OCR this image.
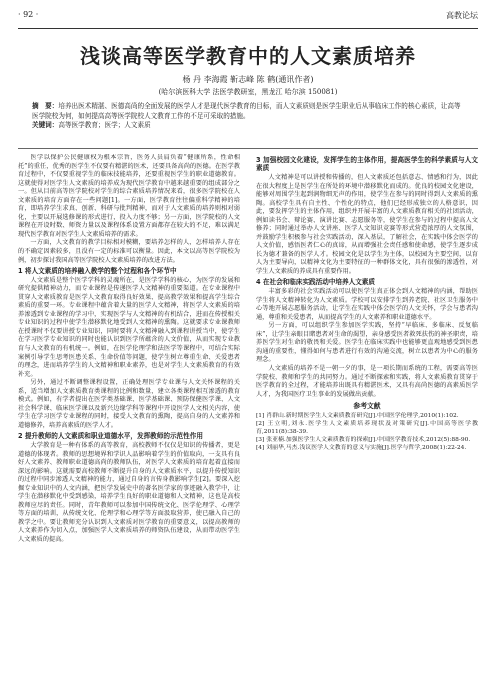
· 92 ·	高教论坛
浅谈高等医学教育中的人文素质培养
杨 丹 李海霞 靳志峰 陈 鹤(通讯作者)
(哈尔滨医科大学 法医学教研室，黑龙江 哈尔滨 150081)
摘　要：培养出医术精湛、医德高尚的全面发展的医学人才是现代医学教育的目标，而人文素质则是医学生职业后从事临床工作的核心素质，让高等医学院校为何，如何提高高等医学院校人文教育工作的不足可采取的措施。
关键词：高等医学教育；医学；人文素质

医学以保护公民健康权为根本宗旨，医务人员肩负着“健康所系，性命相托”的重任，优秀的医学生不仅要有精湛的医术，还要具备高尚的医德。在医学教育过程中，不仅要重视学生的临床技能培养，还要重视医学生的职业道德教育。这就使得对医学生人文素质的培养成为现代医学教育中越来越重要的组成部分之一。但从目前高等医学院校对学生的综合素质培养情况来看，很多医学院校在人文素质的培育方面存在一些问题[1]。一方面，医学教育往往偏重科学精神的培育，即培养学生求真、创新、科研与批判精神，而对于人文素质的培养则相对弱化，主要以开展选修课的形式进行，投入力度不够；另一方面，医学院校的人文课程在开设时数、师资力量以及课程体系设置方面都存在较大的不足，难以满足现代医学教育对医学生人文素质培养的需求。

一方面，人文教育的教学目标相对模糊，要培养怎样的人，怎样培养人存在的不确定因素较多，且没有一定的标准可以衡量。因此，本文以高等医学院校为例，初步探讨我国高等医学院校人文素质培养的改进方法。

1 将人文素质的培养融入教学的整个过程和各个环节中

人文素质是整个医学学科的灵魂所在，是医学学科的核心，为医学的发展和研究提供精神动力，而专业课程是传递医学人文精神的重要渠道。在专业课程中贯穿人文素质教育是医学人文教育取得良好效果、提高教学效果和提高学生综合素质的重要一环。专业课程中蕴含着大量的医学人文精神，将医学人文素质的培养渗透到专业课程的学习中，实现医学与人文精神的有机结合，进而在传授相关专业知识的过程中使学生潜移默化地受到人文精神的熏陶。这就要求专业课教师在授课时不仅要讲授专业知识，同时要将人文精神融入到课程讲授当中，使学生在学习医学专业知识的同时也能认识到医学所蕴含的人文价值，从而实现专业教育与人文教育的有机统一。例如，在医学伦理学和法医学等课程中，可结合实际案例引导学生思考医患关系、生命价值等问题，使学生树立尊重生命、关爱患者的理念，进而培养学生的人文精神和职业素养，也是对学生人文素质教育的有效补充。

另外，通过不断调整课程设置，正确处理医学专业课与人文关怀课程的关系，适当增加人文素质教育类课程的比例和数量，建立各类课程相互渗透的教育模式。例如，有学者提出在医学类基础课、医学基础课、预防保健医学课、人文社会科学课、临床医学课以及新兴边缘学科等课程中开设医学人文相关内容，使学生在学习医学专业课程的同时，接受人文教育的熏陶，提高自身的人文素养和道德修养，培养高素质的医学人才。

2 提升教师的人文素质和职业道德水平，发挥教师的示范性作用

大学教育是一种有体系的高等教育，高校教师不仅仅是知识的传播者，更是道德的体现者。教师的思想境界和学识人品影响着学生的价值取向，一支具有良好人文素养、教师职业道德高尚的教师队伍，对医学人文素质的培育起着直接而深远的影响。这就需要高校教师不断提升自身的人文素质水平，以提升传授知识的过程中同步渗透人文精神的能力，通过自身的言传身教影响学生[2]。要深入挖掘专业知识中的人文内涵，把医学发展史中的著名医学家的事迹融入教学中，让学生在潜移默化中受到感染，培养学生良好的职业道德和人文精神，这也是高校教师应尽的责任。同时，青年教师可以参加中国传统文化、医学伦理学、心理学等方面的培训，从传统文化、伦理学和心理学等方面汲取营养，使已融入自己的教学之中。要让教师充分认识到人文素质对医学教育的重要意义，以提高教师的人文素养作为切入点，加强医学人文素质培养的师资队伍建设，从而带动医学生人文素质的提高。

3 加强校园文化建设，发挥学生的主体作用，提高医学生的科学素质与人文素质

人文精神是可以讲授和传播的，但人文素质还包括意志、情感和行为，因此在很大程度上是医学生在所处的环境中潜移默化而成的。优良的校园文化建设，能够对周围学生起到润物细无声的作用，使学生在参与的同时得到人文素质的熏陶。高校学生具有自主性、个性化的特点，他们已经形成独立的人格意识，因此，要发挥学生的主体作用，组织并开展丰富的人文素质教育相关的社团活动，例如读书会、辩论赛、演讲比赛、志愿服务等，使学生在参与的过程中提高人文修养；同时通过举办人文讲座、医学人文知识竞赛等形式营造浓厚的人文氛围，并鼓励学生积极参与社会实践活动，深入基层，了解社会，在实践中体会医学的人文价值，感悟医者仁心的真谛，从而增强社会责任感和使命感，使学生逐步成长为德才兼备的医学人才。校园文化是以学生为主体，以校园为主要空间，以育人为主要导向，以精神文化为主要特征的一种群体文化，具有很强的渗透性，对学生人文素质的养成具有重要作用。

4 在社会和临床实践活动中培养人文素质

丰富多彩的社会实践活动可以使医学生真正体会到人文精神的内涵，帮助医学生将人文精神转化为人文素质。学校可以安排学生到养老院、社区卫生服务中心等地开展志愿服务活动，让学生在实践中体会医学的人文关怀，学会与患者沟通，尊重和关爱患者，从而提高学生的人文素养和职业道德水平。

另一方面，可以组织学生参加医学实践，坚持“早临床、多临床、反复临床”，让学生亲眼目睹患者对生命的渴望，亲身感受医者救死扶伤的神圣职责，培养医学生对生命的敬畏和关爱。医学生在临床实践中也能够更直观地感受到医患沟通的重要性，懂得如何与患者进行有效的沟通交流，树立以患者为中心的服务理念。

人文素质的培养不是一朝一夕的事，是一项长期而系统的工程，需要高等医学院校、教师和学生的共同努力。通过不断探索和实践，将人文素质教育贯穿于医学教育的全过程，才能培养出既具有精湛医术，又具有高尚医德的高素质医学人才，为我国医疗卫生事业的发展做出贡献。

参考文献
[1] 肖群山.新时期医学生人文素质教育研究[J].中国医学伦理学,2010(1):102.
[2] 王立明,刘永.医学生人文素质培养现状及对策研究[J].中国高等医学教育,2011(8):38-39.
[3] 张亚楠.加强医学生人文素质教育的探索[J].中国医学教育技术,2012(5):88-90.
[4] 刘丽华,马杰.浅议医学人文教育的意义与实施[J].医学与哲学,2008(1):22-24.
